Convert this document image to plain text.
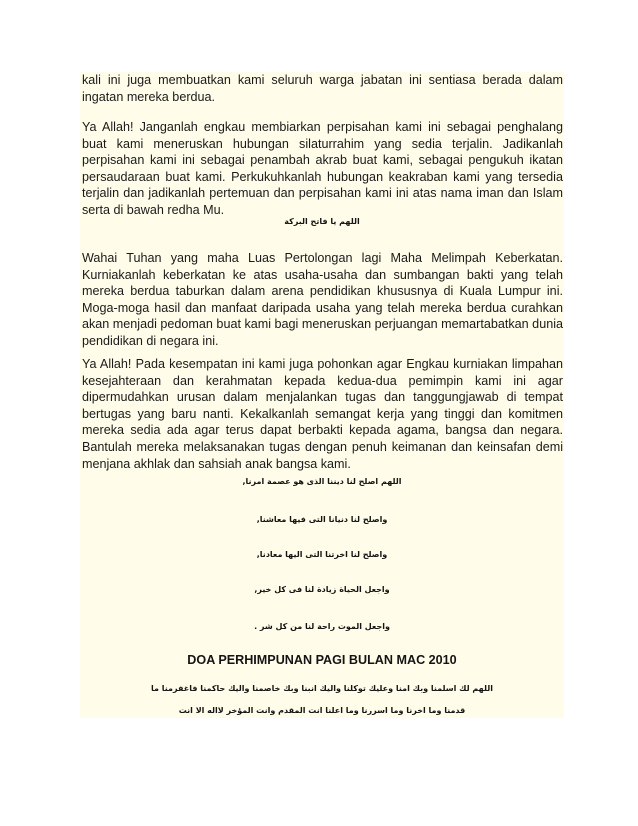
kali ini juga membuatkan kami seluruh warga jabatan ini sentiasa berada dalam ingatan mereka berdua.

Ya Allah! Janganlah engkau membiarkan perpisahan kami ini sebagai penghalang buat kami meneruskan hubungan silaturrahim yang sedia terjalin. Jadikanlah perpisahan kami ini sebagai penambah akrab buat kami, sebagai pengukuh ikatan persaudaraan buat kami. Perkukuhkanlah hubungan keakraban kami yang tersedia terjalin dan jadikanlah pertemuan dan perpisahan kami ini atas nama iman dan Islam serta di bawah redha Mu.

اللهم يا فاتح البركة

Wahai Tuhan yang maha Luas Pertolongan lagi Maha Melimpah Keberkatan. Kurniakanlah keberkatan ke atas usaha-usaha dan sumbangan bakti yang telah mereka berdua taburkan dalam arena pendidikan khususnya di Kuala Lumpur ini. Moga-moga hasil dan manfaat daripada usaha yang telah mereka berdua curahkan akan menjadi pedoman buat kami bagi meneruskan perjuangan memartabatkan dunia pendidikan di negara ini.

Ya Allah! Pada kesempatan ini kami juga pohonkan agar Engkau kurniakan limpahan kesejahteraan dan kerahmatan kepada kedua-dua pemimpin kami ini agar dipermudahkan urusan dalam menjalankan tugas dan tanggungjawab di tempat bertugas yang baru nanti. Kekalkanlah semangat kerja yang tinggi dan komitmen mereka sedia ada agar terus dapat berbakti kepada agama, bangsa dan negara. Bantulah mereka melaksanakan tugas dengan penuh keimanan dan keinsafan demi menjana akhlak dan sahsiah anak bangsa kami.

اللهم اصلح لنا ديننا الذى هو عصمة امرنا,

واصلح لنا دنيانا التى فيها معاشنا,

واصلح لنا اخرتنا التى اليها معادنا,

واجعل الحياة زيادة لنا فى كل خير,

واجعل الموت راحة لنا من كل شر .

DOA PERHIMPUNAN PAGI BULAN MAC 2010

اللهم لك اسلمنا وبك امنا وعليك توكلنا واليك انبنا وبك خاصمنا واليك حاكمنا فاغفرمنا ما

قدمنا وما اخرنا وما اسررنا وما اعلنا انت المقدم وانت المؤخر لااله الا انت
